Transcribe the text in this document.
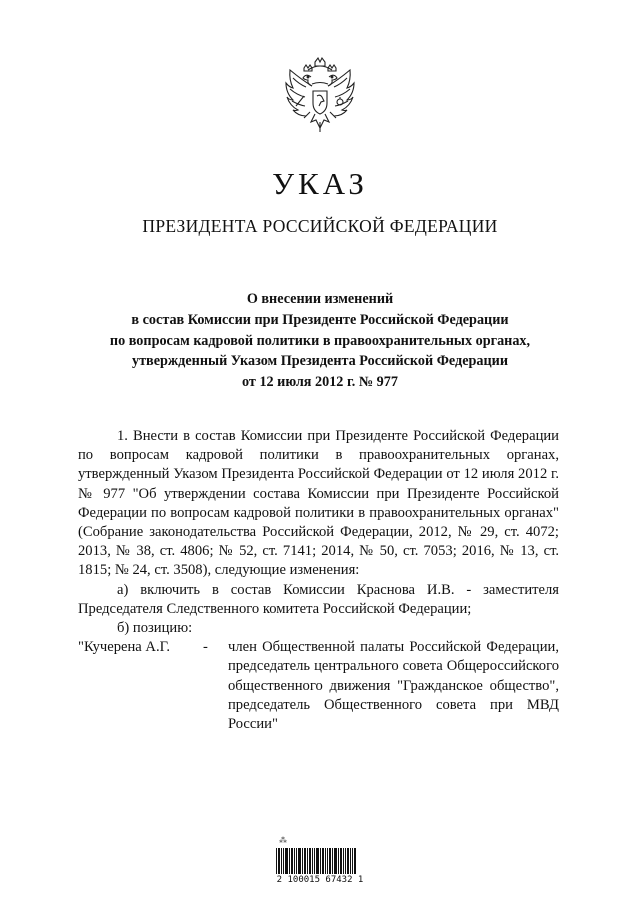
УКАЗ
ПРЕЗИДЕНТА РОССИЙСКОЙ ФЕДЕРАЦИИ
О внесении изменений
в состав Комиссии при Президенте Российской Федерации
по вопросам кадровой политики в правоохранительных органах,
утвержденный Указом Президента Российской Федерации
от 12 июля 2012 г. № 977

1. Внести в состав Комиссии при Президенте Российской Федерации по вопросам кадровой политики в правоохранительных органах, утвержденный Указом Президента Российской Федерации от 12 июля 2012 г. № 977 "Об утверждении состава Комиссии при Президенте Российской Федерации по вопросам кадровой политики в правоохранительных органах" (Собрание законодательства Российской Федерации, 2012, № 29, ст. 4072; 2013, № 38, ст. 4806; № 52, ст. 7141; 2014, № 50, ст. 7053; 2016, № 13, ст. 1815; № 24, ст. 3508), следующие изменения:

а) включить в состав Комиссии Краснова И.В. - заместителя Председателя Следственного комитета Российской Федерации;

б) позицию:

"Кучерена А.Г.	-	член Общественной палаты Российской Федерации, председатель центрального совета Общероссийского общественного движения "Гражданское общество", председатель Общественного совета при МВД России"
⁂
2 100015 67432 1
